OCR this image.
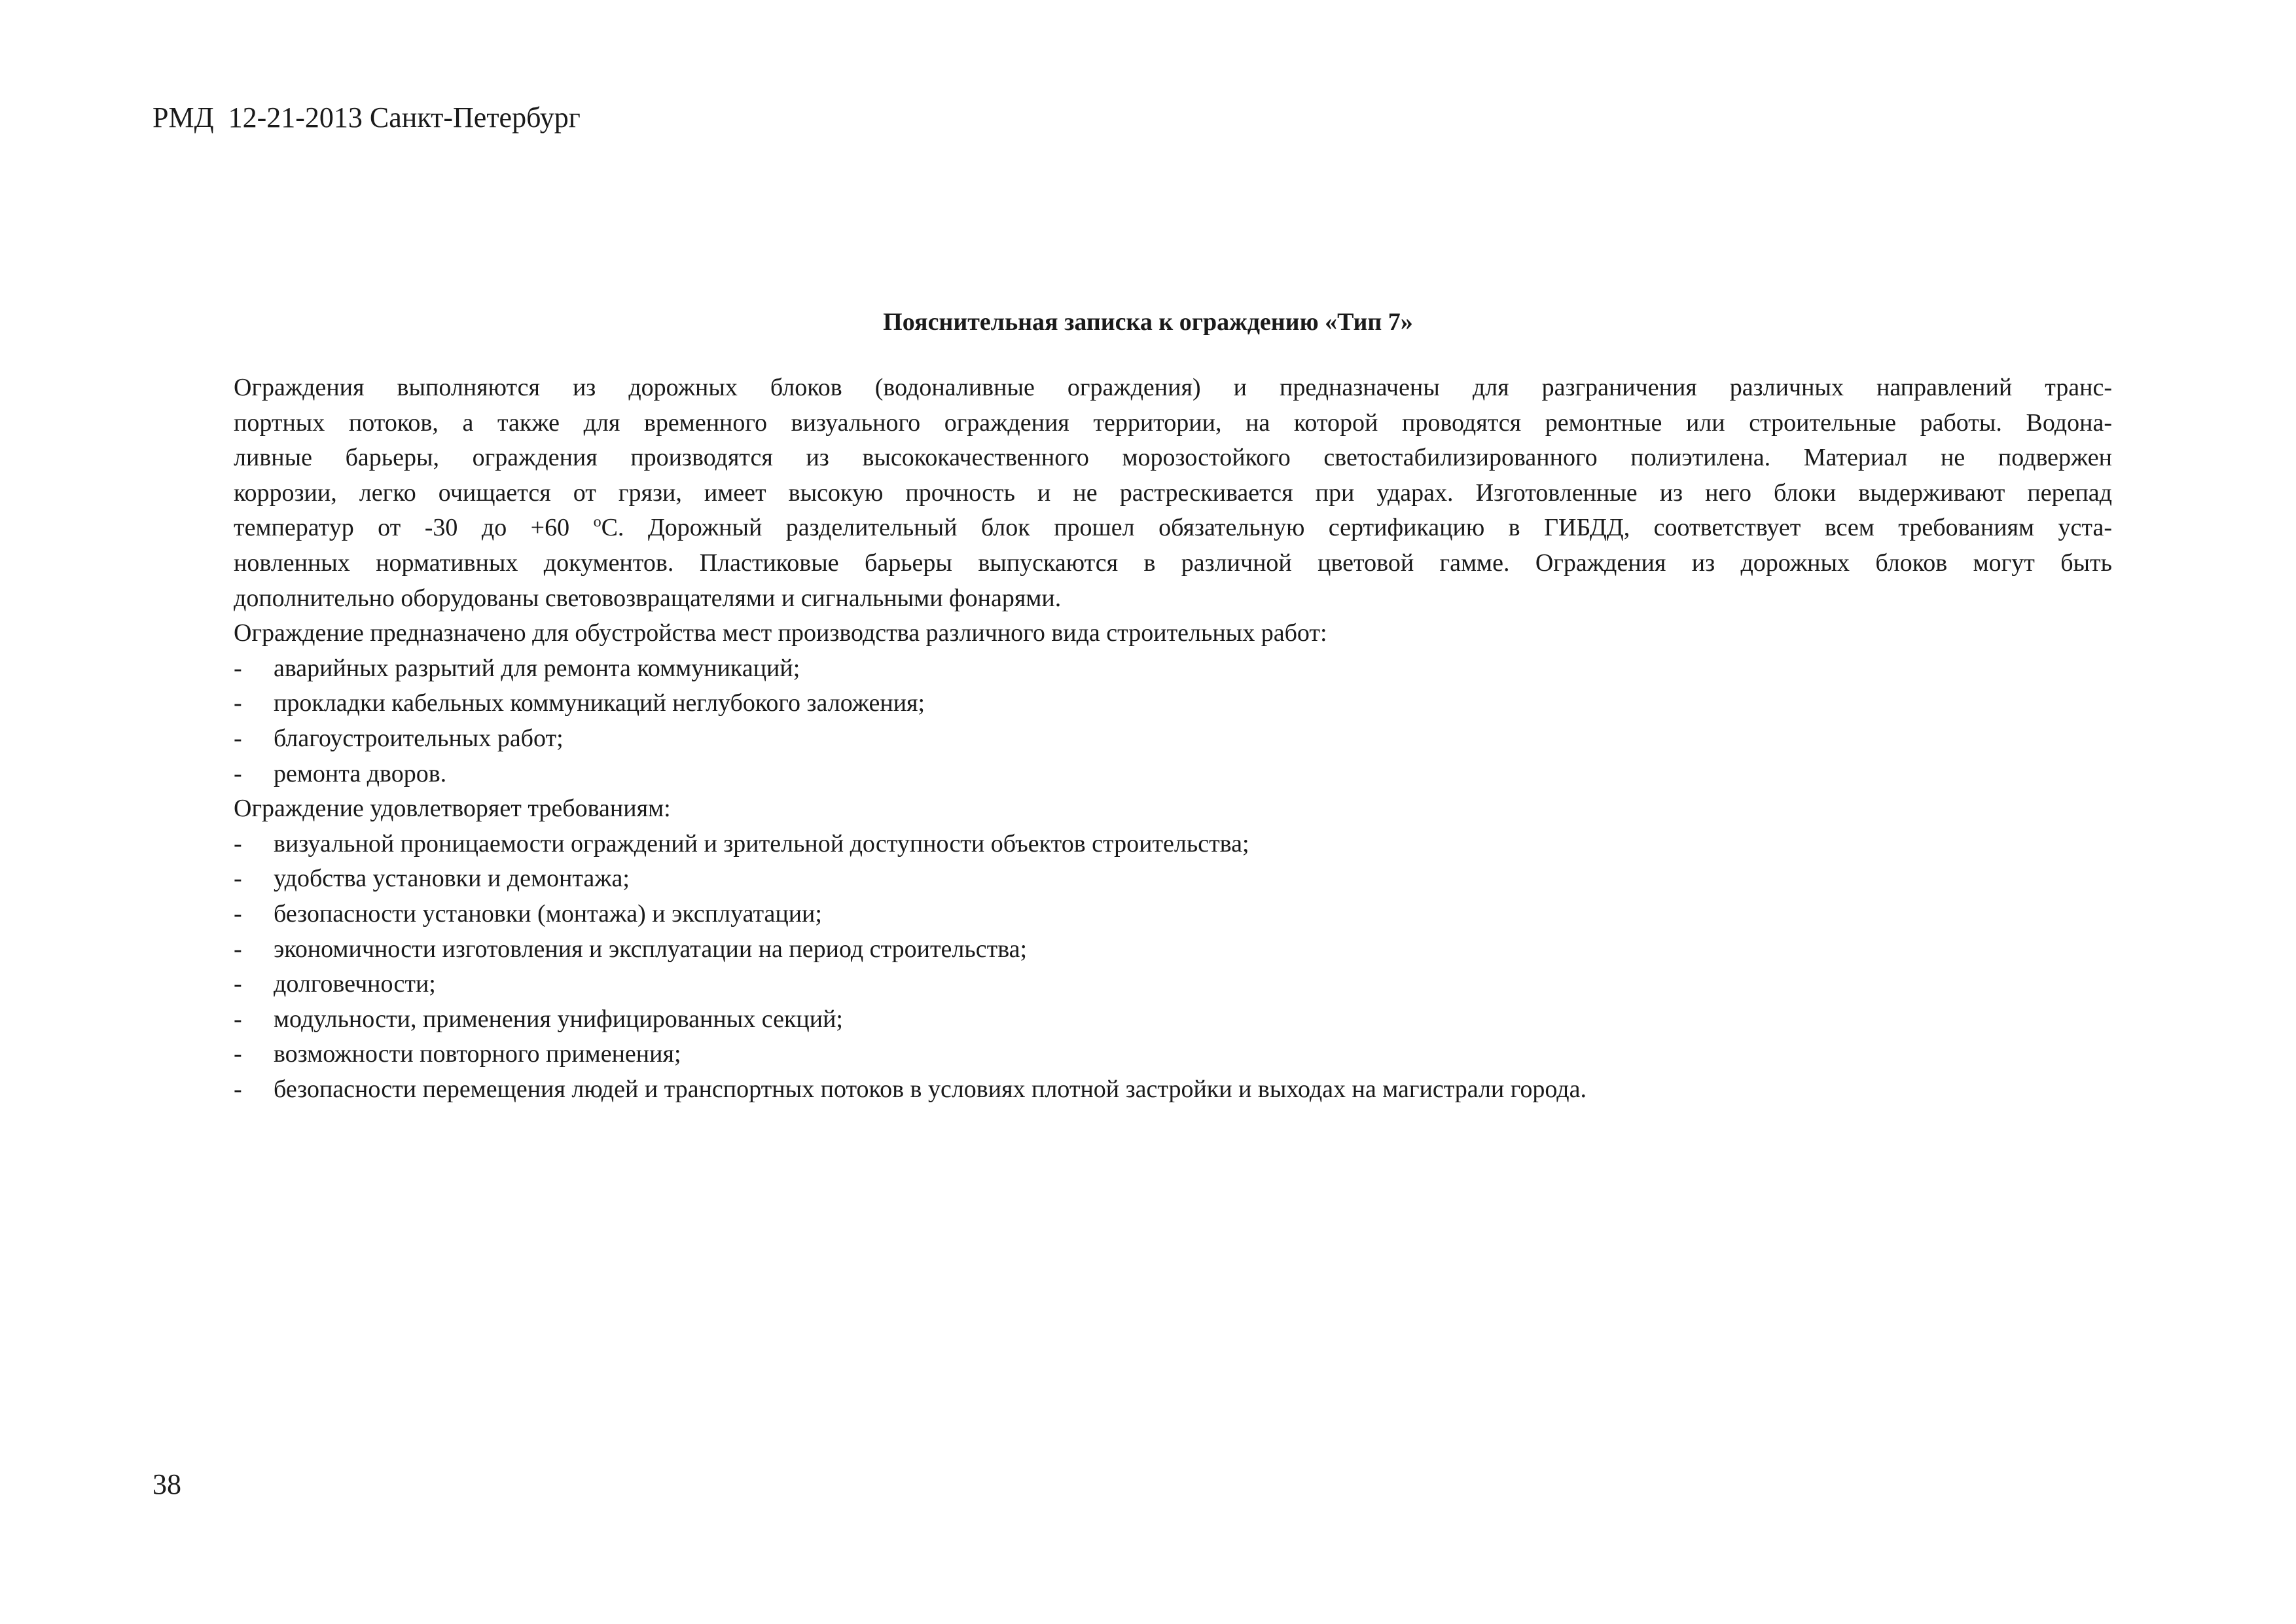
РМД 12-21-2013 Санкт-Петербург
Пояснительная записка к ограждению «Тип 7»
Ограждения выполняются из дорожных блоков (водоналивные ограждения) и предназначены для разграничения различных направлений транс-
портных потоков, а также для временного визуального ограждения территории, на которой проводятся ремонтные или строительные работы. Водона-
ливные барьеры, ограждения производятся из высококачественного морозостойкого светостабилизированного полиэтилена. Материал не подвержен
коррозии, легко очищается от грязи, имеет высокую прочность и не растрескивается при ударах. Изготовленные из него блоки выдерживают перепад
температур от -30 до +60 $^o$С. Дорожный разделительный блок прошел обязательную сертификацию в ГИБДД, соответствует всем требованиям уста-
новленных нормативных документов. Пластиковые барьеры выпускаются в различной цветовой гамме. Ограждения из дорожных блоков могут быть
дополнительно оборудованы световозвращателями и сигнальными фонарями.

Ограждение предназначено для обустройства мест производства различного вида строительных работ:

- аварийных разрытий для ремонта коммуникаций;
- прокладки кабельных коммуникаций неглубокого заложения;
- благоустроительных работ;
- ремонта дворов.

Ограждение удовлетворяет требованиям:

- визуальной проницаемости ограждений и зрительной доступности объектов строительства;
- удобства установки и демонтажа;
- безопасности установки (монтажа) и эксплуатации;
- экономичности изготовления и эксплуатации на период строительства;
- долговечности;
- модульности, применения унифицированных секций;
- возможности повторного применения;
- безопасности перемещения людей и транспортных потоков в условиях плотной застройки и выходах на магистрали города.
38
